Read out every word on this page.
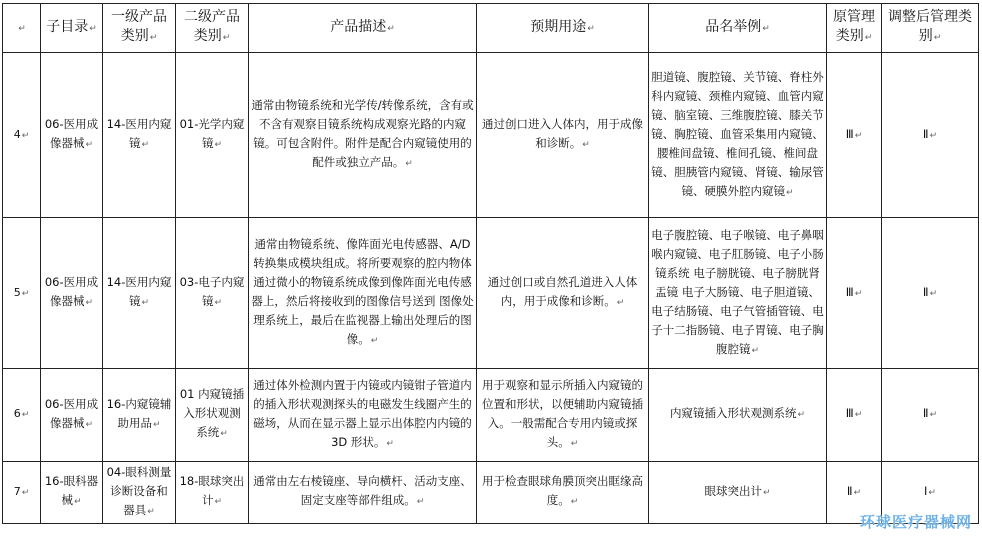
↵	子目录↵	一级产品类别↵	二级产品类别↵	产品描述↵	预期用途↵	品名举例↵	原管理类别↵	调整后管理类别↵
4↵	06-医用成像器械↵	14-医用内窥镜↵	01-光学内窥镜↵	通常由物镜系统和光学传/转像系统，含有或不含有观察目镜系统构成观察光路的内窥镜。可包含附件。附件是配合内窥镜使用的配件或独立产品。↵	通过创口进入人体内，用于成像和诊断。↵	胆道镜、腹腔镜、关节镜、脊柱外科内窥镜、颈椎内窥镜、血管内窥镜、脑室镜、三维腹腔镜、膝关节镜、胸腔镜、血管采集用内窥镜、腰椎间盘镜、椎间孔镜、椎间盘镜、胆胰管内窥镜、肾镜、输尿管镜、硬膜外腔内窥镜↵	Ⅲ↵	Ⅱ↵
5↵	06-医用成像器械↵	14-医用内窥镜↵	03-电子内窥镜↵	通常由物镜系统、像阵面光电传感器、A/D转换集成模块组成。将所要观察的腔内物体通过微小的物镜系统成像到像阵面光电传感器上，然后将接收到的图像信号送到 图像处理系统上，最后在监视器上输出处理后的图像。↵	通过创口或自然孔道进入人体内，用于成像和诊断。↵	电子腹腔镜、电子喉镜、电子鼻咽喉内窥镜、电子肛肠镜、电子小肠镜系统 电子膀胱镜、电子膀胱肾盂镜 电子大肠镜、电子胆道镜、电子结肠镜、电子气管插管镜、电子十二指肠镜、电子胃镜、电子胸腹腔镜↵	Ⅲ↵	Ⅱ↵
6↵	06-医用成像器械↵	16-内窥镜辅助用品↵	01 内窥镜插入形状观测系统↵	通过体外检测内置于内镜或内镜钳子管道内的插入形状观测探头的电磁发生线圈产生的磁场，从而在显示器上显示出体腔内内镜的 3D 形状。↵	用于观察和显示所插入内窥镜的位置和形状，以便辅助内窥镜插入。一般需配合专用内镜或探头。↵	内窥镜插入形状观测系统↵	Ⅲ↵	Ⅱ↵
7↵	16-眼科器械↵	04-眼科测量诊断设备和器具↵	18-眼球突出计↵	通常由左右棱镜座、导向横杆、活动支座、固定支座等部件组成。↵	用于检查眼球角膜顶突出眶缘高度。↵	眼球突出计↵	Ⅱ↵	Ⅰ↵
环球医疗器械网
